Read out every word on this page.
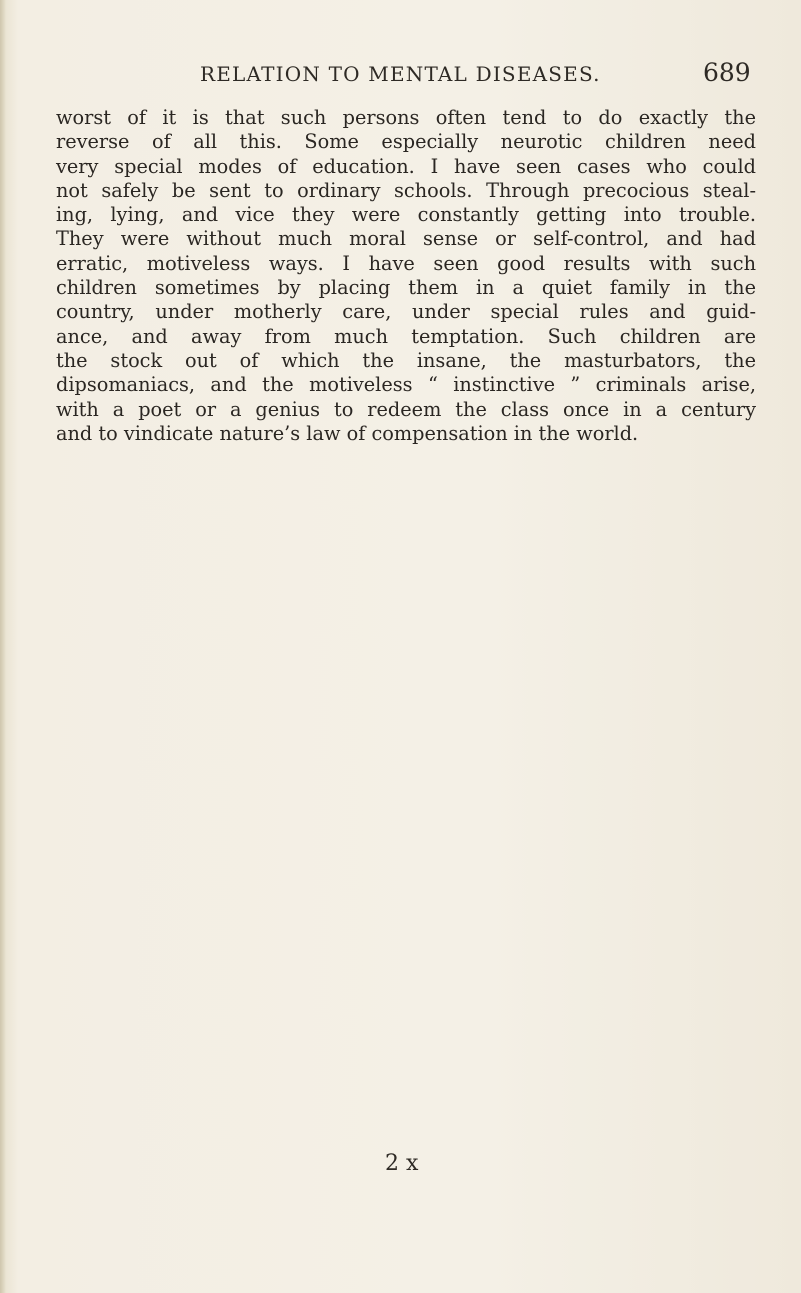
RELATION TO MENTAL DISEASES.	689
worst of it is that such persons often tend to do exactly the
reverse of all this. Some especially neurotic children need
very special modes of education. I have seen cases who could
not safely be sent to ordinary schools. Through precocious steal-
ing, lying, and vice they were constantly getting into trouble.
They were without much moral sense or self-control, and had
erratic, motiveless ways. I have seen good results with such
children sometimes by placing them in a quiet family in the
country, under motherly care, under special rules and guid-
ance, and away from much temptation. Such children are
the stock out of which the insane, the masturbators, the
dipsomaniacs, and the motiveless “ instinctive ” criminals arise,
with a poet or a genius to redeem the class once in a century
and to vindicate nature’s law of compensation in the world.
2 x
